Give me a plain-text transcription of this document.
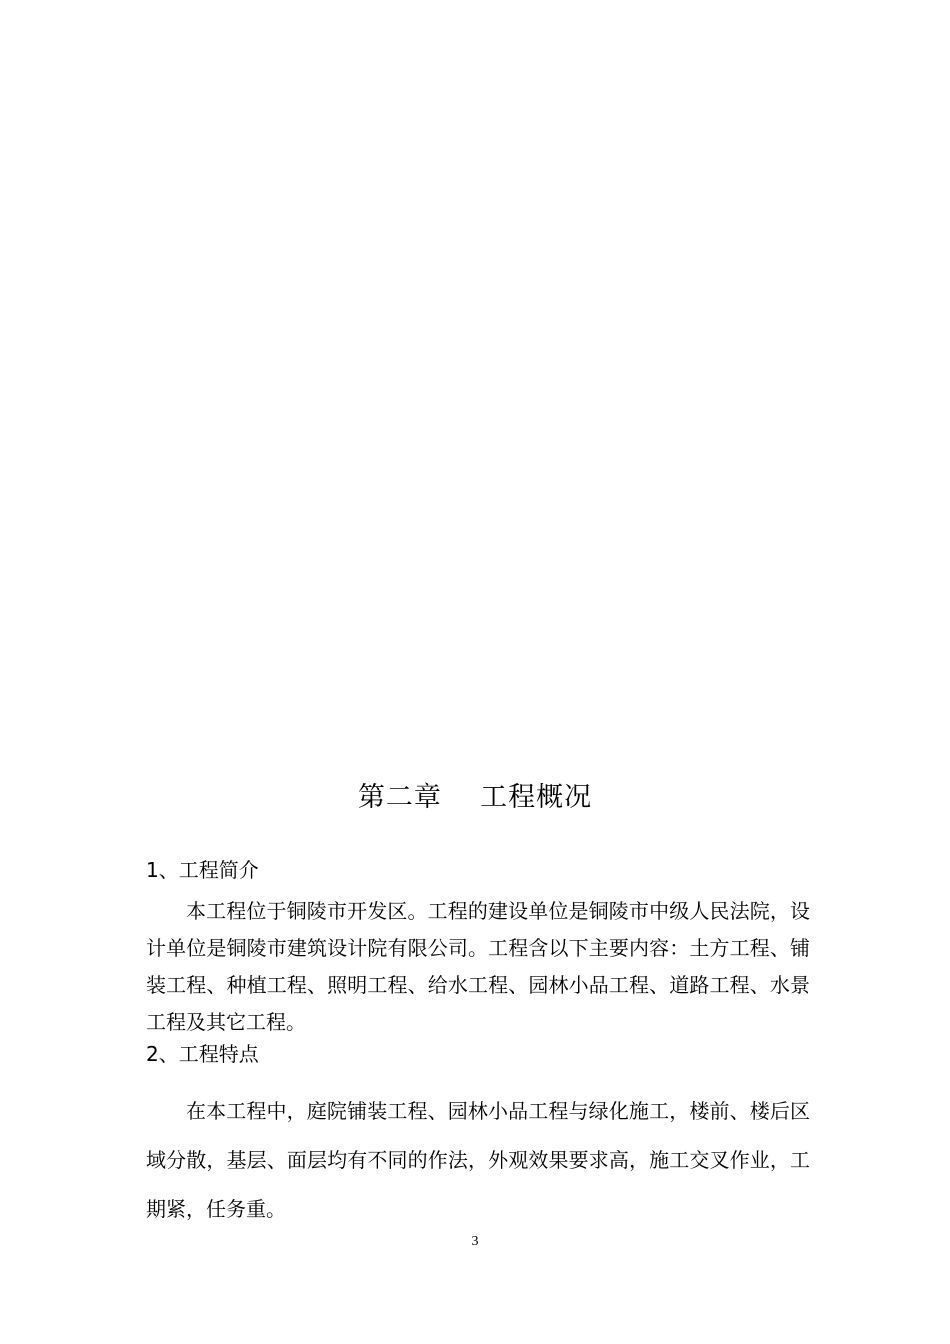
第二章    工程概况
1、工程简介

本工程位于铜陵市开发区。工程的建设单位是铜陵市中级人民法院，设计单位是铜陵市建筑设计院有限公司。工程含以下主要内容：土方工程、铺装工程、种植工程、照明工程、给水工程、园林小品工程、道路工程、水景工程及其它工程。

2、工程特点

在本工程中，庭院铺装工程、园林小品工程与绿化施工，楼前、楼后区域分散，基层、面层均有不同的作法，外观效果要求高，施工交叉作业，工期紧，任务重。

3
